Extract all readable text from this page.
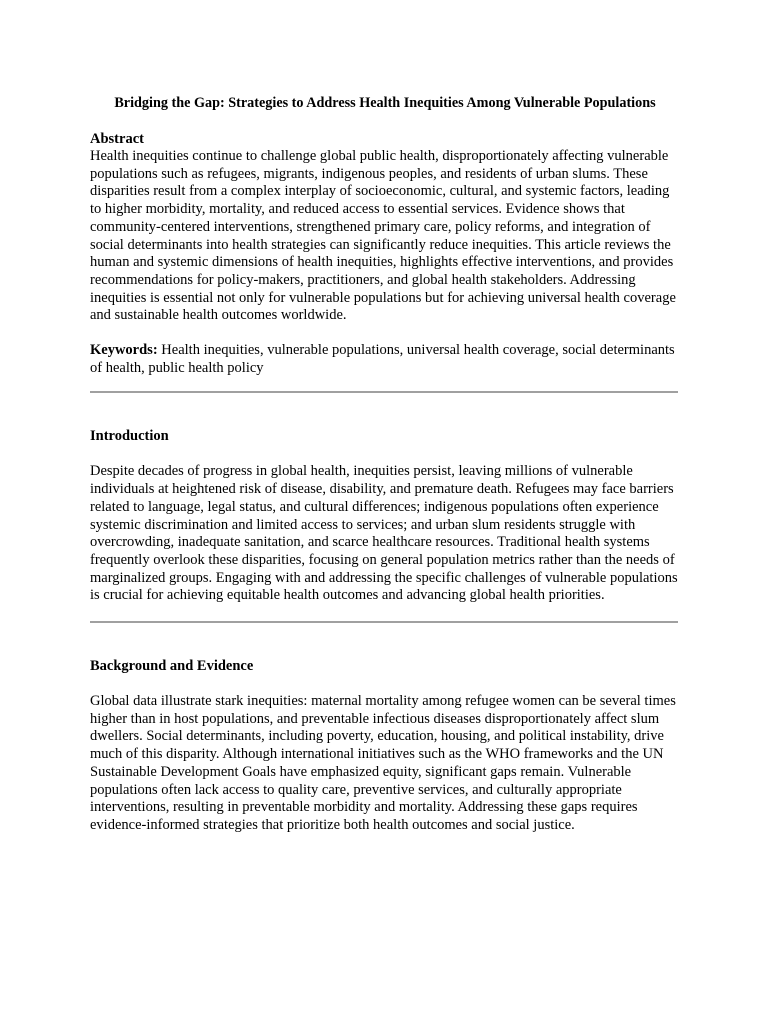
Bridging the Gap: Strategies to Address Health Inequities Among Vulnerable Populations

Abstract

Health inequities continue to challenge global public health, disproportionately affecting vulnerable populations such as refugees, migrants, indigenous peoples, and residents of urban slums. These disparities result from a complex interplay of socioeconomic, cultural, and systemic factors, leading to higher morbidity, mortality, and reduced access to essential services. Evidence shows that community-centered interventions, strengthened primary care, policy reforms, and integration of social determinants into health strategies can significantly reduce inequities. This article reviews the human and systemic dimensions of health inequities, highlights effective interventions, and provides recommendations for policy-makers, practitioners, and global health stakeholders. Addressing inequities is essential not only for vulnerable populations but for achieving universal health coverage and sustainable health outcomes worldwide.

Keywords: Health inequities, vulnerable populations, universal health coverage, social determinants of health, public health policy

Introduction

Despite decades of progress in global health, inequities persist, leaving millions of vulnerable individuals at heightened risk of disease, disability, and premature death. Refugees may face barriers related to language, legal status, and cultural differences; indigenous populations often experience systemic discrimination and limited access to services; and urban slum residents struggle with overcrowding, inadequate sanitation, and scarce healthcare resources. Traditional health systems frequently overlook these disparities, focusing on general population metrics rather than the needs of marginalized groups. Engaging with and addressing the specific challenges of vulnerable populations is crucial for achieving equitable health outcomes and advancing global health priorities.

Background and Evidence

Global data illustrate stark inequities: maternal mortality among refugee women can be several times higher than in host populations, and preventable infectious diseases disproportionately affect slum dwellers. Social determinants, including poverty, education, housing, and political instability, drive much of this disparity. Although international initiatives such as the WHO frameworks and the UN Sustainable Development Goals have emphasized equity, significant gaps remain. Vulnerable populations often lack access to quality care, preventive services, and culturally appropriate interventions, resulting in preventable morbidity and mortality. Addressing these gaps requires evidence-informed strategies that prioritize both health outcomes and social justice.
